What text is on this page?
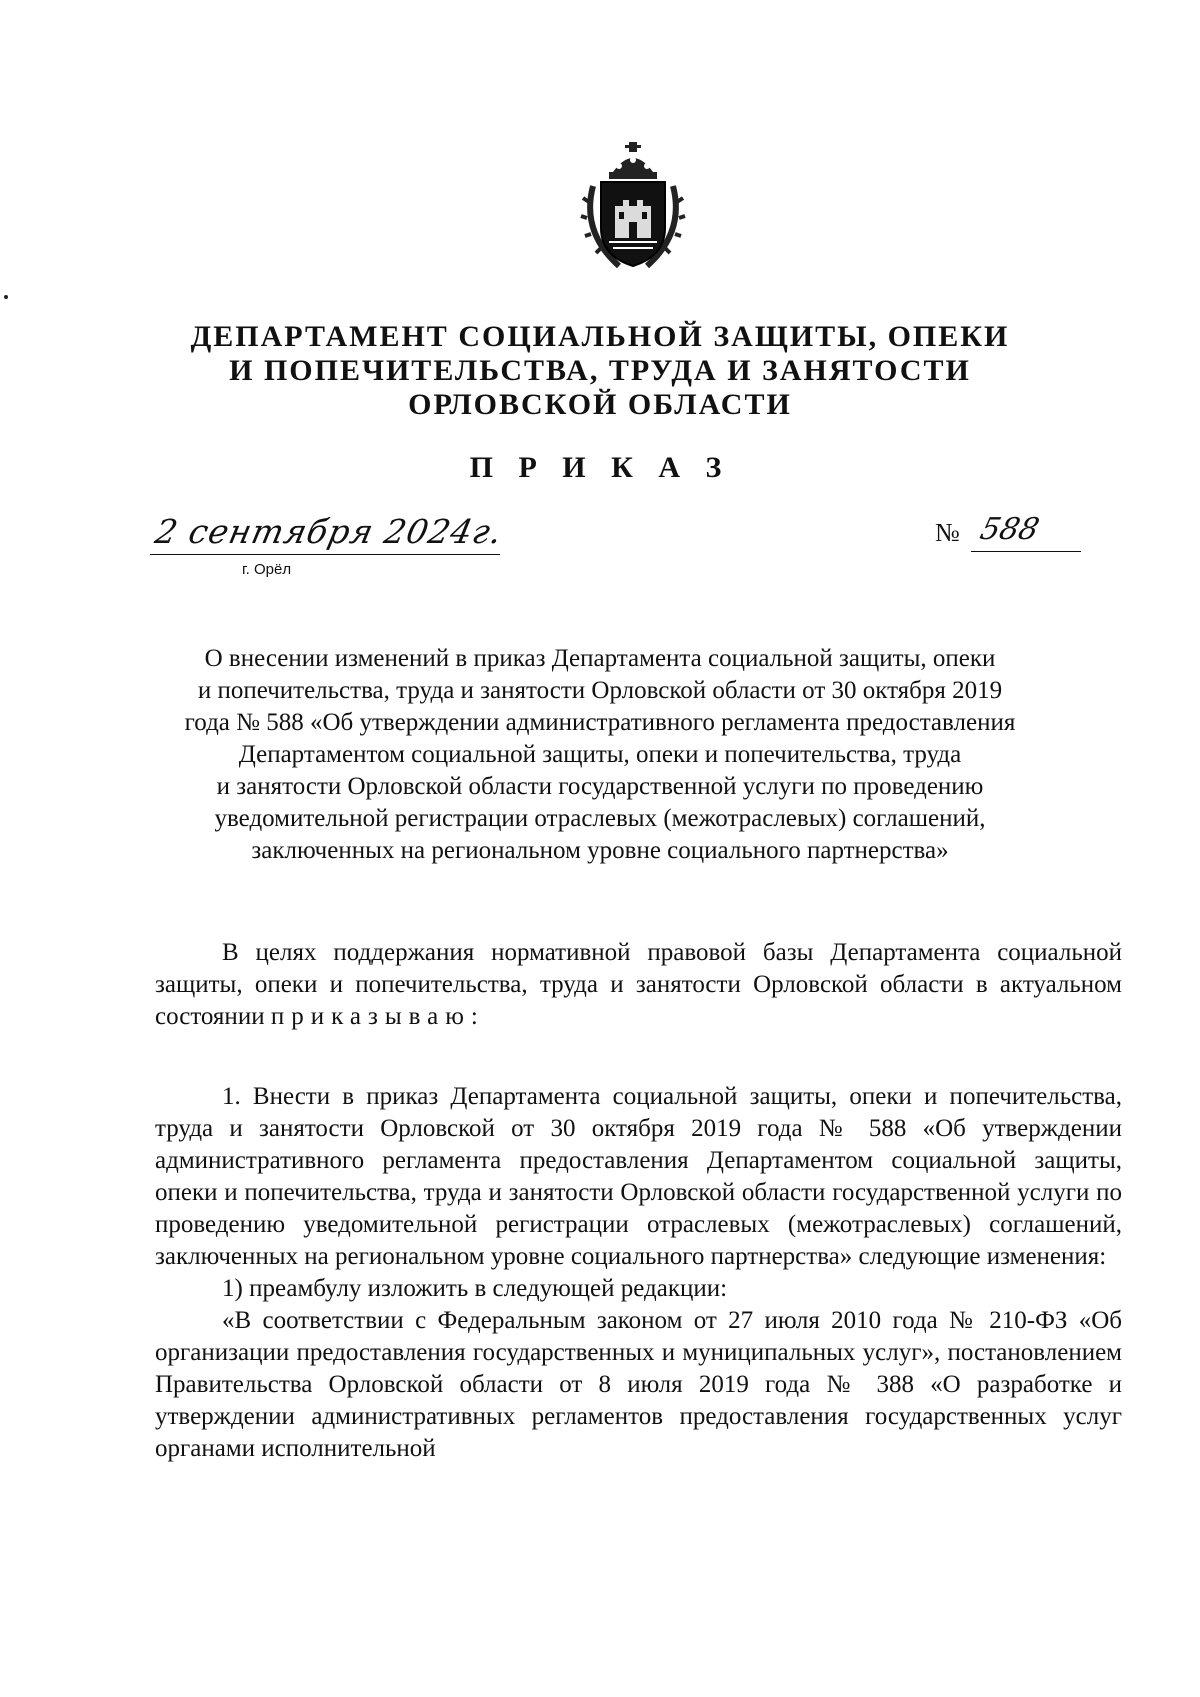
ДЕПАРТАМЕНТ СОЦИАЛЬНОЙ ЗАЩИТЫ, ОПЕКИ
И ПОПЕЧИТЕЛЬСТВА, ТРУДА И ЗАНЯТОСТИ
ОРЛОВСКОЙ ОБЛАСТИ
П Р И К А З
2 сентября 2024г.
г. Орёл
№ 588
О внесении изменений в приказ Департамента социальной защиты, опеки
и попечительства, труда и занятости Орловской области от 30 октября 2019
года № 588 «Об утверждении административного регламента предоставления
Департаментом социальной защиты, опеки и попечительства, труда
и занятости Орловской области государственной услуги по проведению
уведомительной регистрации отраслевых (межотраслевых) соглашений,
заключенных на региональном уровне социального партнерства»

В целях поддержания нормативной правовой базы Департамента социальной защиты, опеки и попечительства, труда и занятости Орловской области в актуальном состоянии приказываю:

1. Внести в приказ Департамента социальной защиты, опеки и попечительства, труда и занятости Орловской от 30 октября 2019 года № 588 «Об утверждении административного регламента предоставления Департаментом социальной защиты, опеки и попечительства, труда и занятости Орловской области государственной услуги по проведению уведомительной регистрации отраслевых (межотраслевых) соглашений, заключенных на региональном уровне социального партнерства» следующие изменения:

1) преамбулу изложить в следующей редакции:

«В соответствии с Федеральным законом от 27 июля 2010 года № 210-ФЗ «Об организации предоставления государственных и муниципальных услуг», постановлением Правительства Орловской области от 8 июля 2019 года № 388 «О разработке и утверждении административных регламентов предоставления государственных услуг органами исполнительной
